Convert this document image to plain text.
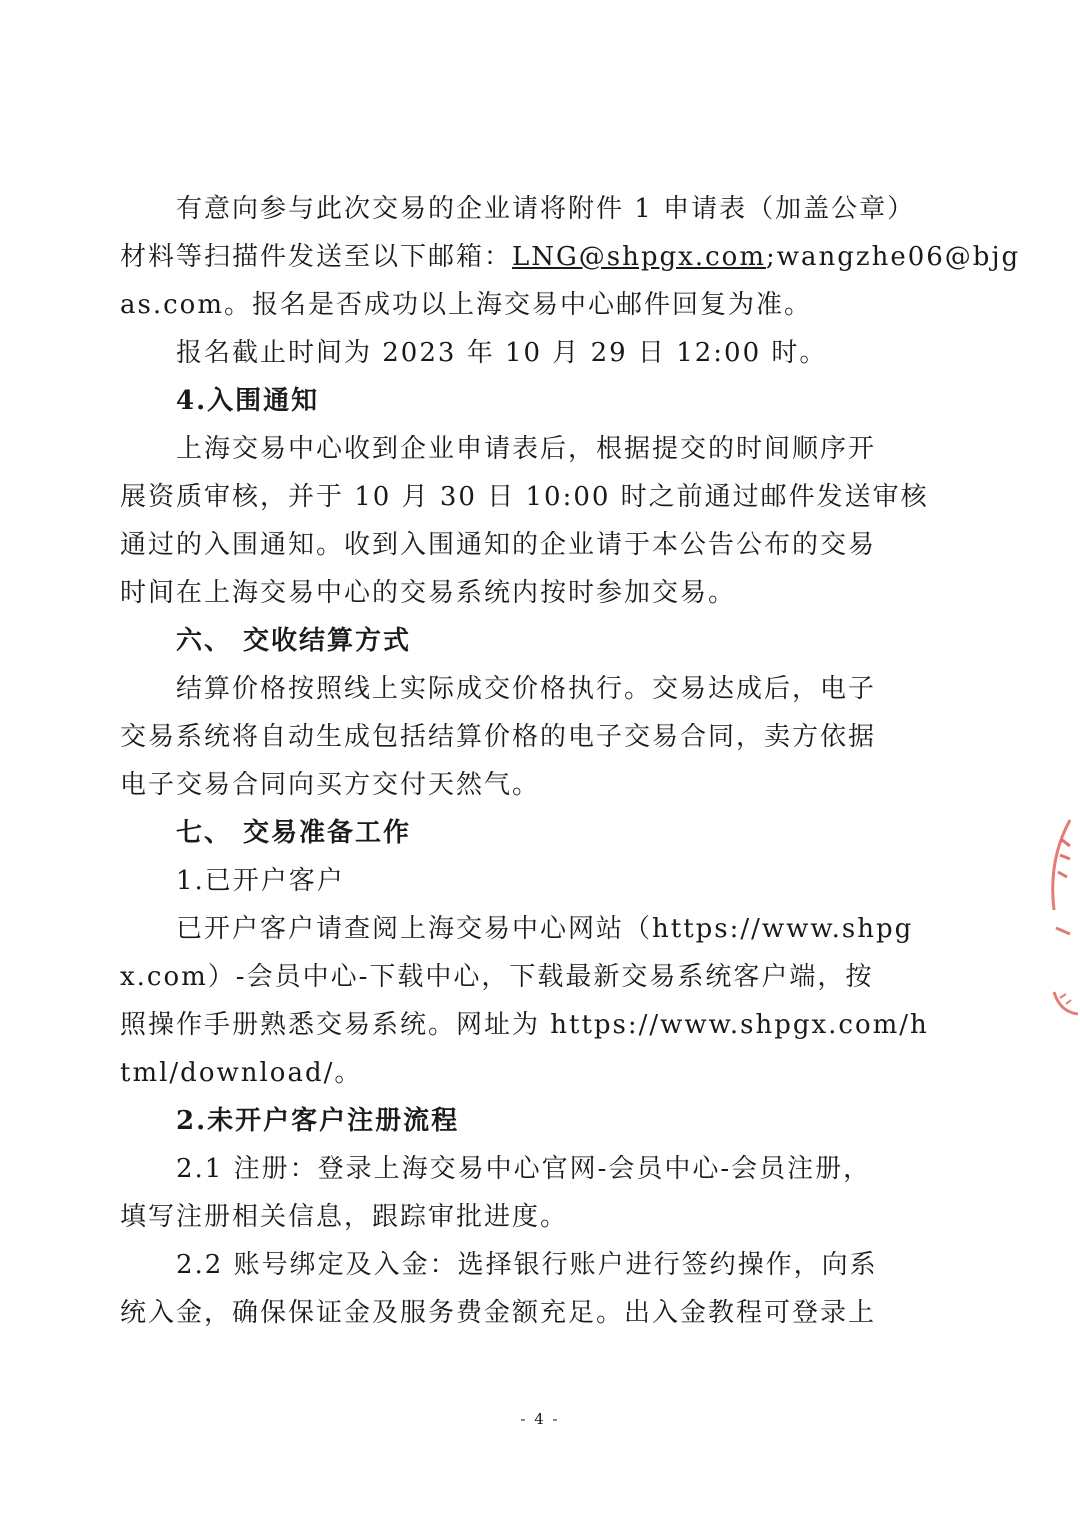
有意向参与此次交易的企业请将附件 1 申请表（加盖公章）
材料等扫描件发送至以下邮箱：LNG@shpgx.com;wangzhe06@bjg
as.com。报名是否成功以上海交易中心邮件回复为准。
报名截止时间为 2023 年 10 月 29 日 12:00 时。
4.入围通知
上海交易中心收到企业申请表后，根据提交的时间顺序开
展资质审核，并于 10 月 30 日 10:00 时之前通过邮件发送审核
通过的入围通知。收到入围通知的企业请于本公告公布的交易
时间在上海交易中心的交易系统内按时参加交易。
六、 交收结算方式
结算价格按照线上实际成交价格执行。交易达成后，电子
交易系统将自动生成包括结算价格的电子交易合同，卖方依据
电子交易合同向买方交付天然气。
七、 交易准备工作
1.已开户客户
已开户客户请查阅上海交易中心网站（https://www.shpg
x.com）-会员中心-下载中心，下载最新交易系统客户端，按
照操作手册熟悉交易系统。网址为 https://www.shpgx.com/h
tml/download/。
2.未开户客户注册流程
2.1 注册：登录上海交易中心官网-会员中心-会员注册，
填写注册相关信息，跟踪审批进度。
2.2 账号绑定及入金：选择银行账户进行签约操作，向系
统入金，确保保证金及服务费金额充足。出入金教程可登录上
- 4 -
